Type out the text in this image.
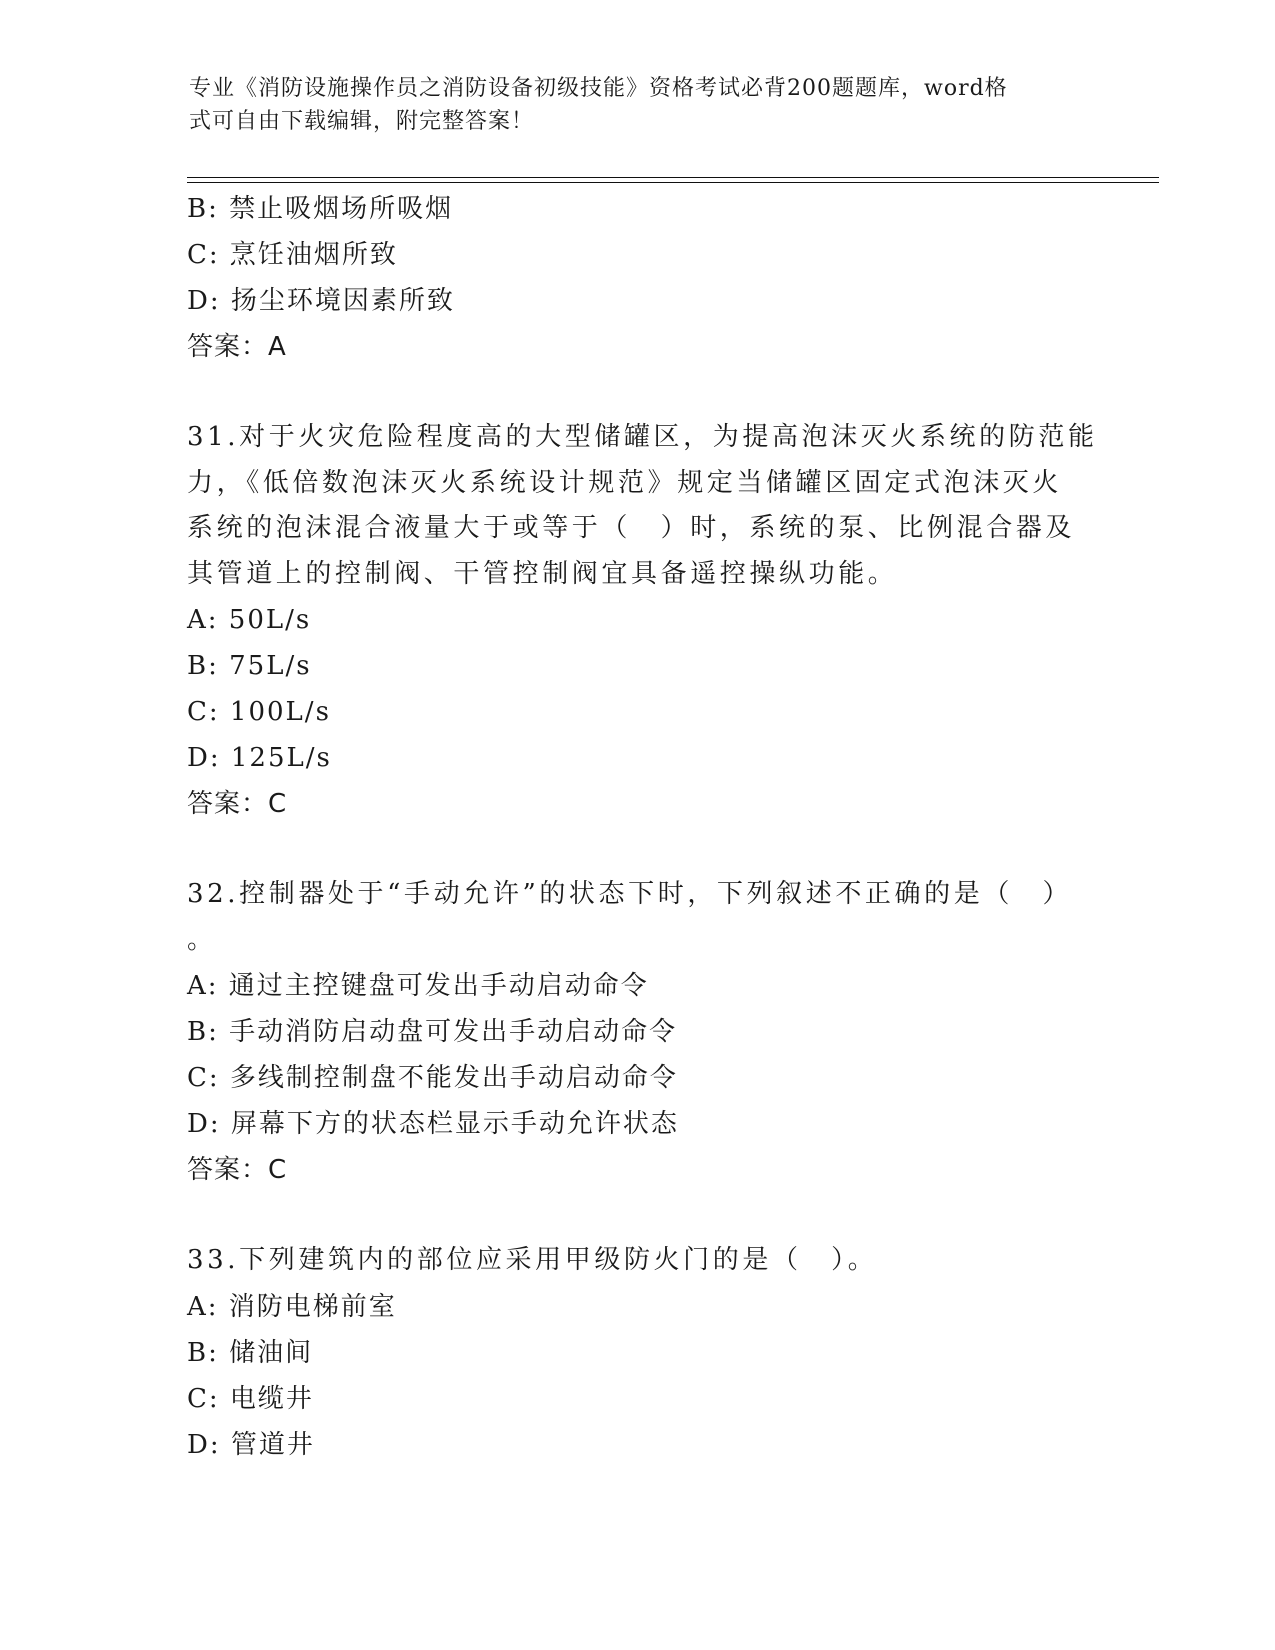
专业《消防设施操作员之消防设备初级技能》资格考试必背200题题库，word格
式可自由下载编辑，附完整答案！
B: 禁止吸烟场所吸烟
C: 烹饪油烟所致
D: 扬尘环境因素所致
答案：A
31.对于火灾危险程度高的大型储罐区，为提高泡沫灭火系统的防范能
力，《低倍数泡沫灭火系统设计规范》规定当储罐区固定式泡沫灭火
系统的泡沫混合液量大于或等于（　）时，系统的泵、比例混合器及
其管道上的控制阀、干管控制阀宜具备遥控操纵功能。
A: 50L/s
B: 75L/s
C: 100L/s
D: 125L/s
答案：C
32.控制器处于“手动允许”的状态下时，下列叙述不正确的是（　）
。
A: 通过主控键盘可发出手动启动命令
B: 手动消防启动盘可发出手动启动命令
C: 多线制控制盘不能发出手动启动命令
D: 屏幕下方的状态栏显示手动允许状态
答案：C
33.下列建筑内的部位应采用甲级防火门的是（　）。
A: 消防电梯前室
B: 储油间
C: 电缆井
D: 管道井
